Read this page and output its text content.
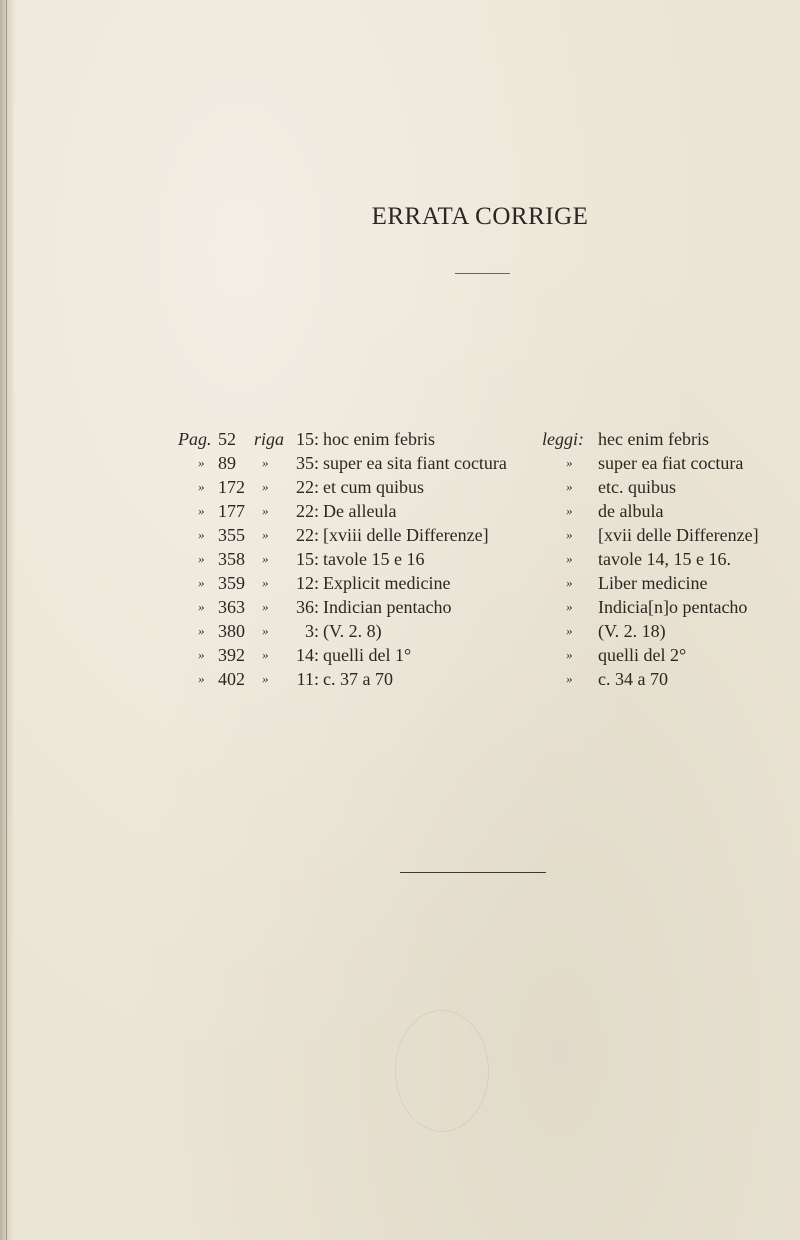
ERRATA CORRIGE
Pag. 52 riga 15: hoc enim febris	leggi: hec enim febris
» 89 »	35: super ea sita fiant coctura	» super ea fiat coctura
» 172 »	22: et cum quibus	» etc. quibus
» 177 »	22: De alleula	» de albula
» 355 »	22: [xviii delle Differenze]	» [xvii delle Differenze]
» 358 »	15: tavole 15 e 16	» tavole 14, 15 e 16.
» 359 »	12: Explicit medicine	» Liber medicine
» 363 »	36: Indician pentacho	» Indicia[n]o pentacho
» 380 »	3: (V. 2. 8)	» (V. 2. 18)
» 392 »	14: quelli del 1°	» quelli del 2°
» 402 »	11: c. 37 a 70	» c. 34 a 70
